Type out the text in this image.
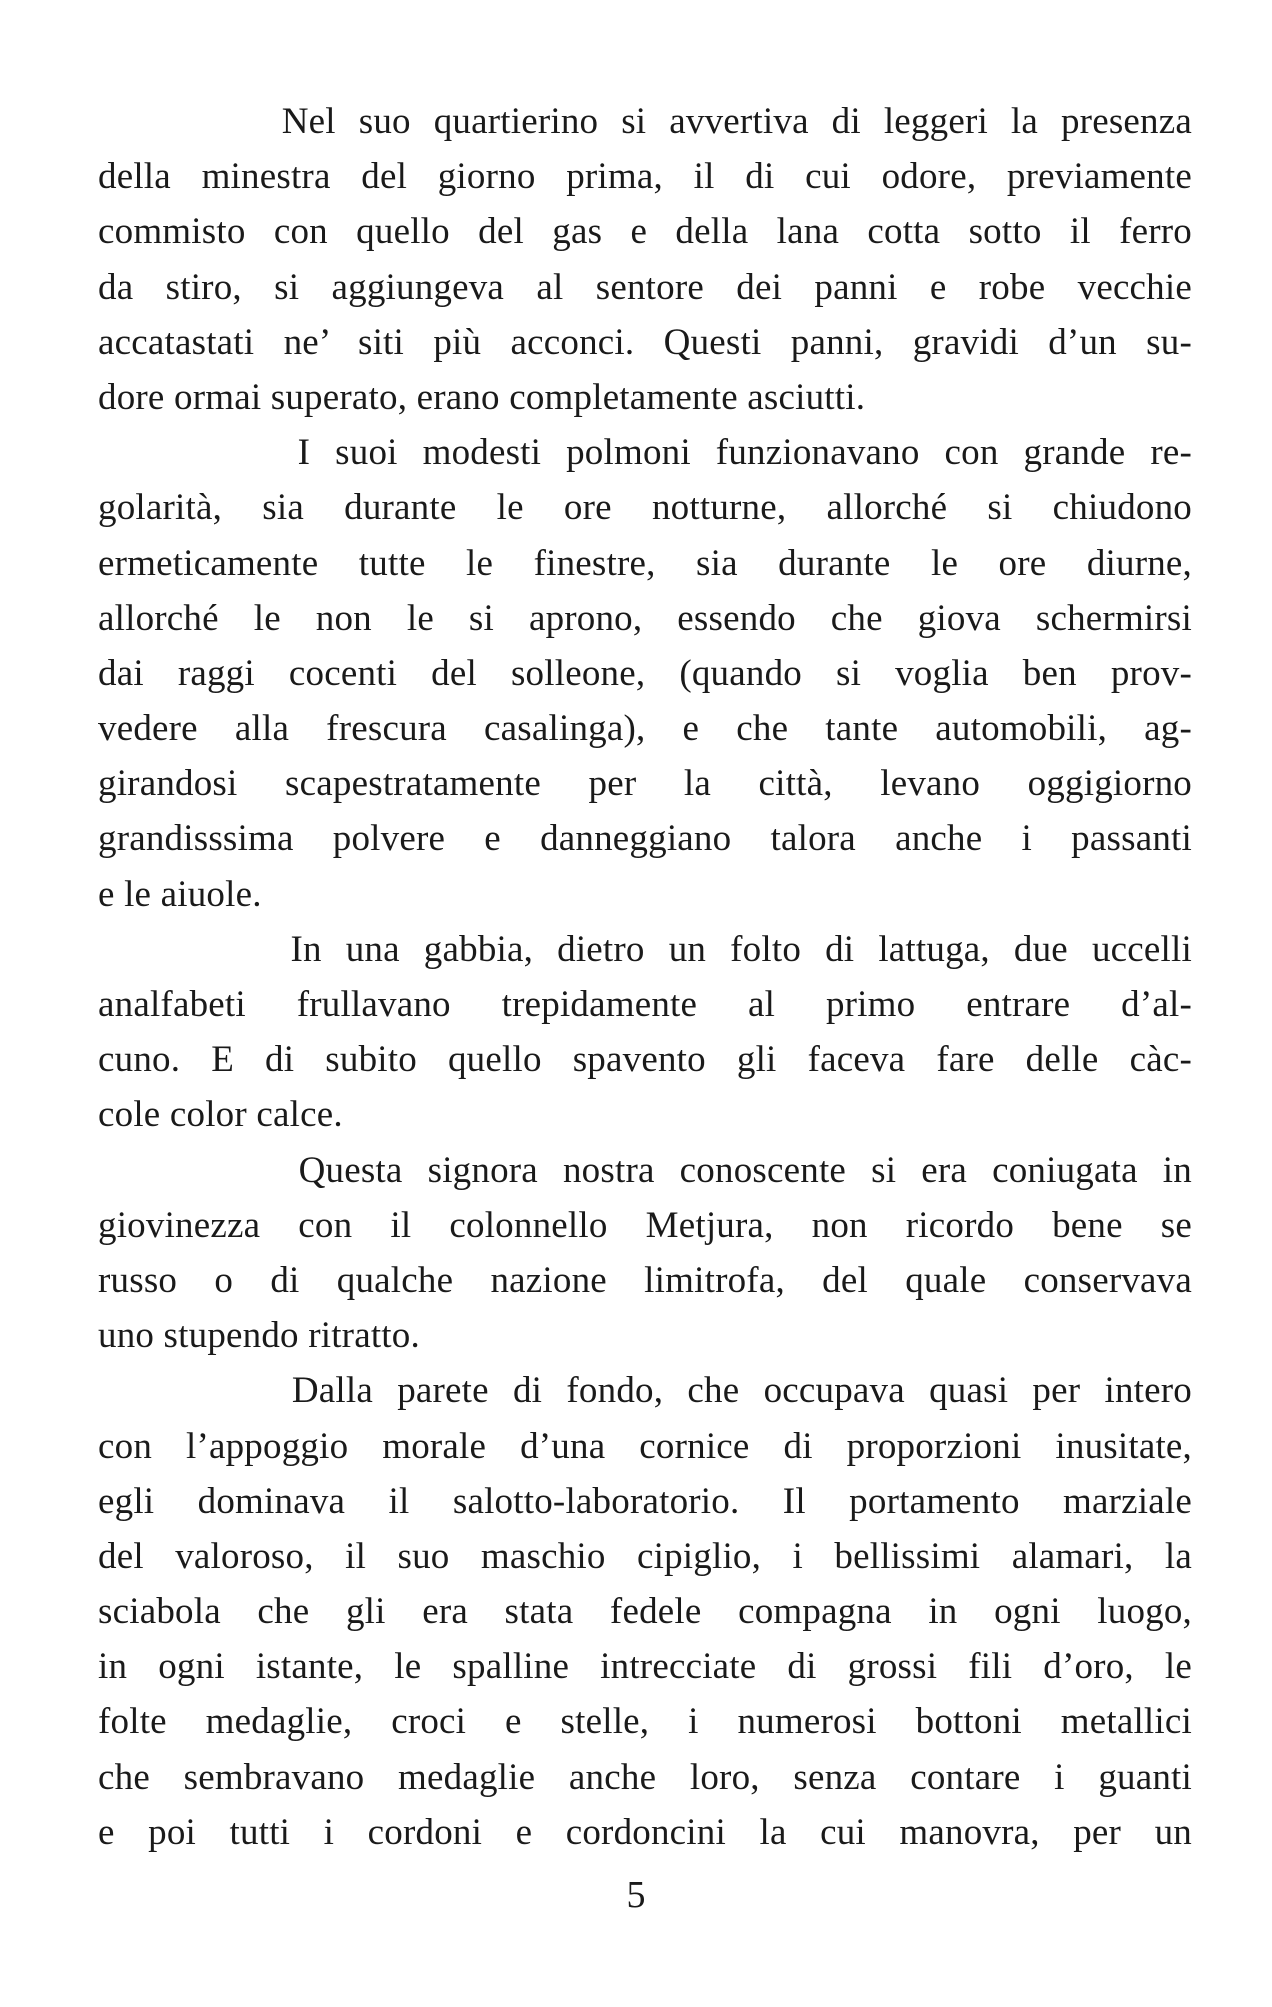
Nel suo quartierino si avvertiva di leggeri la presenza
della minestra del giorno prima, il di cui odore, previamente
commisto con quello del gas e della lana cotta sotto il ferro
da stiro, si aggiungeva al sentore dei panni e robe vecchie
accatastati ne’ siti più acconci. Questi panni, gravidi d’un su-
dore ormai superato, erano completamente asciutti.
I suoi modesti polmoni funzionavano con grande re-
golarità, sia durante le ore notturne, allorché si chiudono
ermeticamente tutte le finestre, sia durante le ore diurne,
allorché le non le si aprono, essendo che giova schermirsi
dai raggi cocenti del solleone, (quando si voglia ben prov-
vedere alla frescura casalinga), e che tante automobili, ag-
girandosi scapestratamente per la città, levano oggigiorno
grandisssima polvere e danneggiano talora anche i passanti
e le aiuole.
In una gabbia, dietro un folto di lattuga, due uccelli
analfabeti frullavano trepidamente al primo entrare d’al-
cuno. E di subito quello spavento gli faceva fare delle càc-
cole color calce.
Questa signora nostra conoscente si era coniugata in
giovinezza con il colonnello Metjura, non ricordo bene se
russo o di qualche nazione limitrofa, del quale conservava
uno stupendo ritratto.
Dalla parete di fondo, che occupava quasi per intero
con l’appoggio morale d’una cornice di proporzioni inusitate,
egli dominava il salotto-laboratorio. Il portamento marziale
del valoroso, il suo maschio cipiglio, i bellissimi alamari, la
sciabola che gli era stata fedele compagna in ogni luogo,
in ogni istante, le spalline intrecciate di grossi fili d’oro, le
folte medaglie, croci e stelle, i numerosi bottoni metallici
che sembravano medaglie anche loro, senza contare i guanti
e poi tutti i cordoni e cordoncini la cui manovra, per un
5
